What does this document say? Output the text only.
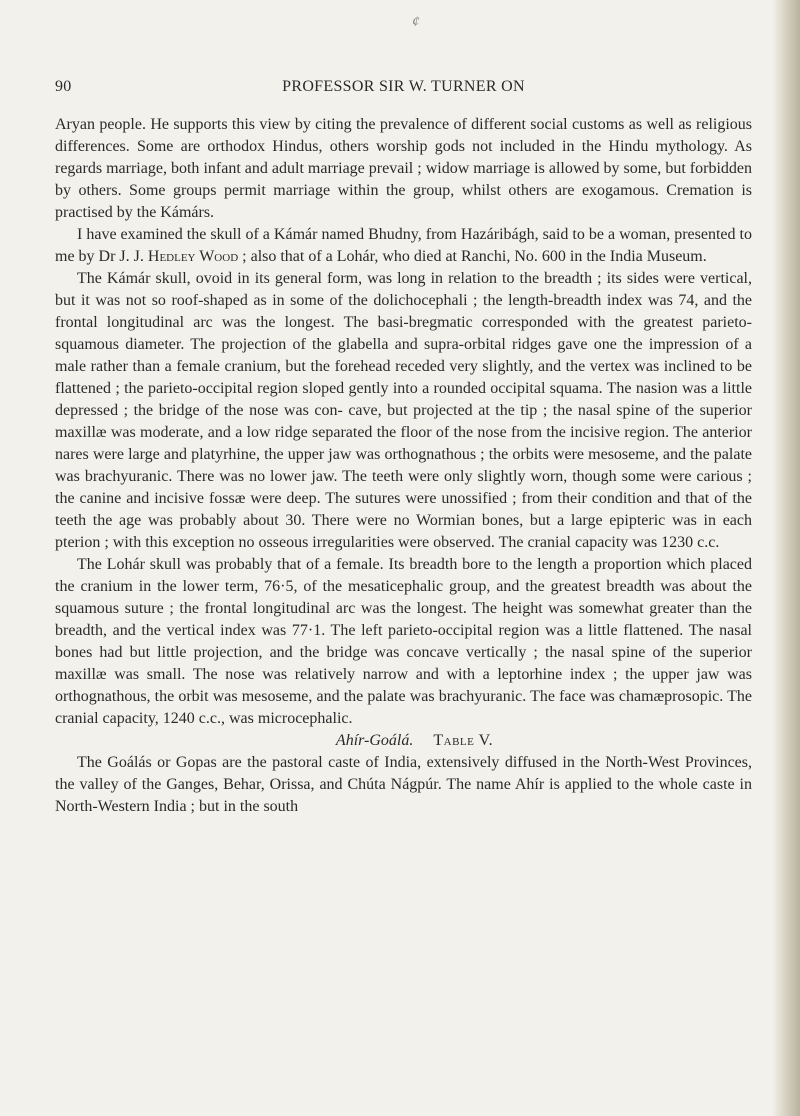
¢
90	PROFESSOR SIR W. TURNER ON

Aryan people. He supports this view by citing the prevalence of different social customs as well as religious differences. Some are orthodox Hindus, others worship gods not included in the Hindu mythology. As regards marriage, both infant and adult marriage prevail ; widow marriage is allowed by some, but forbidden by others. Some groups permit marriage within the group, whilst others are exogamous. Cremation is practised by the Kámárs.

I have examined the skull of a Kámár named Bhudny, from Hazáribágh, said to be a woman, presented to me by Dr J. J. Hedley Wood ; also that of a Lohár, who died at Ranchi, No. 600 in the India Museum.

The Kámár skull, ovoid in its general form, was long in relation to the breadth ; its sides were vertical, but it was not so roof-shaped as in some of the dolichocephali ; the length-breadth index was 74, and the frontal longitudinal arc was the longest. The basi-bregmatic corresponded with the greatest parieto-squamous diameter. The projection of the glabella and supra-orbital ridges gave one the impression of a male rather than a female cranium, but the forehead receded very slightly, and the vertex was inclined to be flattened ; the parieto-occipital region sloped gently into a rounded occipital squama. The nasion was a little depressed ; the bridge of the nose was con- cave, but projected at the tip ; the nasal spine of the superior maxillæ was moderate, and a low ridge separated the floor of the nose from the incisive region. The anterior nares were large and platyrhine, the upper jaw was orthognathous ; the orbits were mesoseme, and the palate was brachyuranic. There was no lower jaw. The teeth were only slightly worn, though some were carious ; the canine and incisive fossæ were deep. The sutures were unossified ; from their condition and that of the teeth the age was probably about 30. There were no Wormian bones, but a large epipteric was in each pterion ; with this exception no osseous irregularities were observed. The cranial capacity was 1230 c.c.

The Lohár skull was probably that of a female. Its breadth bore to the length a proportion which placed the cranium in the lower term, 76·5, of the mesaticephalic group, and the greatest breadth was about the squamous suture ; the frontal longitudinal arc was the longest. The height was somewhat greater than the breadth, and the vertical index was 77·1. The left parieto-occipital region was a little flattened. The nasal bones had but little projection, and the bridge was concave vertically ; the nasal spine of the superior maxillæ was small. The nose was relatively narrow and with a leptorhine index ; the upper jaw was orthognathous, the orbit was mesoseme, and the palate was brachyuranic. The face was chamæprosopic. The cranial capacity, 1240 c.c., was microcephalic.

Ahír-Goálá. Table V.

The Goálás or Gopas are the pastoral caste of India, extensively diffused in the North-West Provinces, the valley of the Ganges, Behar, Orissa, and Chúta Nágpúr. The name Ahír is applied to the whole caste in North-Western India ; but in the south
